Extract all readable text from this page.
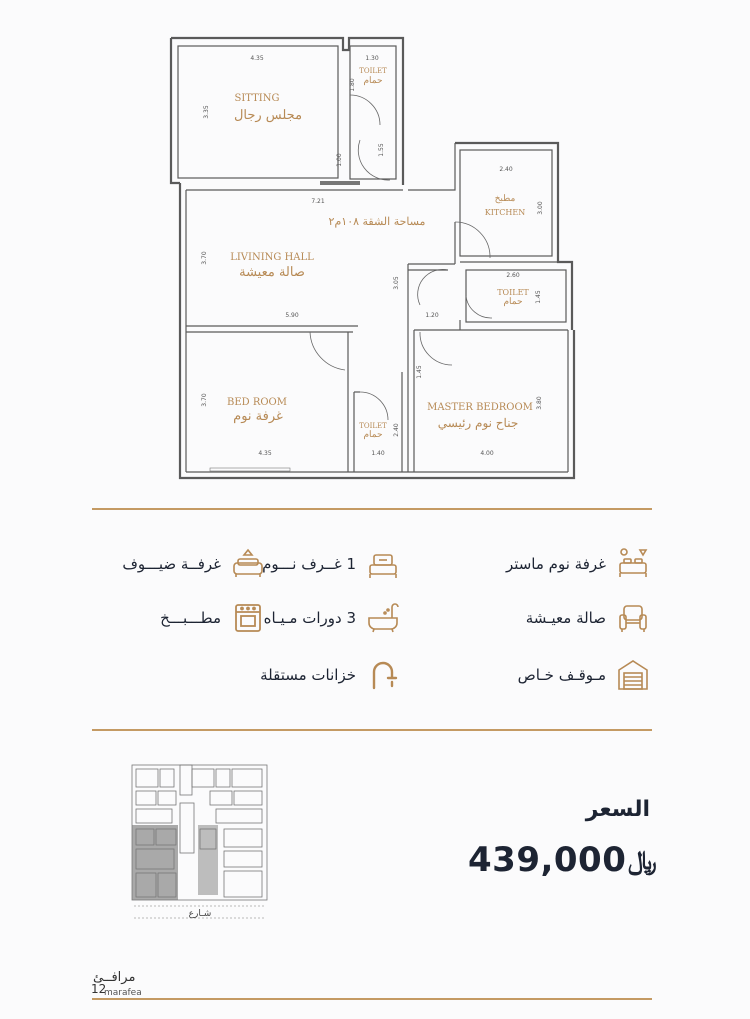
SITTING
مجلس رجال
TOILET
حمام
مطبخ
KITCHEN
مساحة الشقة ١٠٨م٢
LIVINING HALL
صالة معيشة
TOILET
حمام
BED ROOM
غرفة نوم
TOILET
حمام
MASTER BEDROOM
جناح نوم رئيسي
4.35	1.30
3.35
1.80
1.55
1.00
2.40
3.00
7.21
3.70
3.05
2.60
1.45
5.90	1.20
1.45
3.70	3.80
2.40
1.40
4.35	4.00
غرفة نوم ماستر
1 غــرف نـــوم
غرفــة ضيـــوف
صالة معيـشة
3 دورات مـيـاه
مطـــبـــخ
مـوقـف خـاص
خزانات مستقلة
شـارع
السعر
439,000 ﷼
مرافــئ
12
marafea
